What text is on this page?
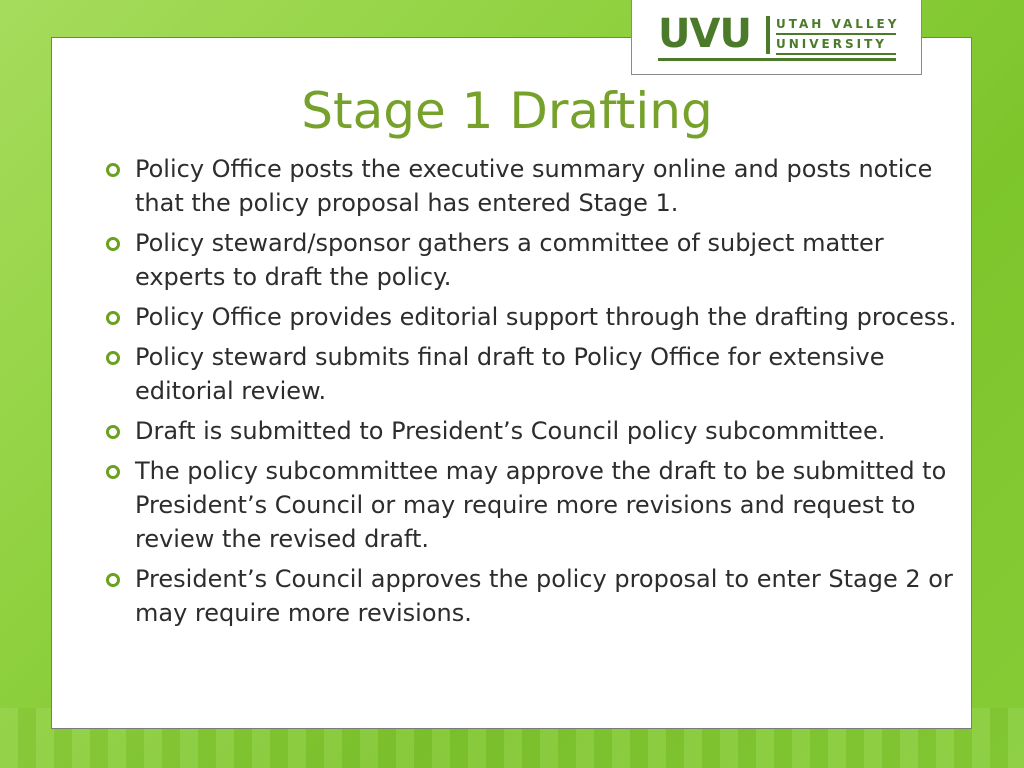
UVU UTAH VALLEY
UNIVERSITY
Stage 1 Drafting
Policy Office posts the executive summary online and posts notice that the policy proposal has entered Stage 1.
Policy steward/sponsor gathers a committee of subject matter experts to draft the policy.
Policy Office provides editorial support through the drafting process.
Policy steward submits final draft to Policy Office for extensive editorial review.
Draft is submitted to President’s Council policy subcommittee.
The policy subcommittee may approve the draft to be submitted to President’s Council or may require more revisions and request to review the revised draft.
President’s Council approves the policy proposal to enter Stage 2 or may require more revisions.
